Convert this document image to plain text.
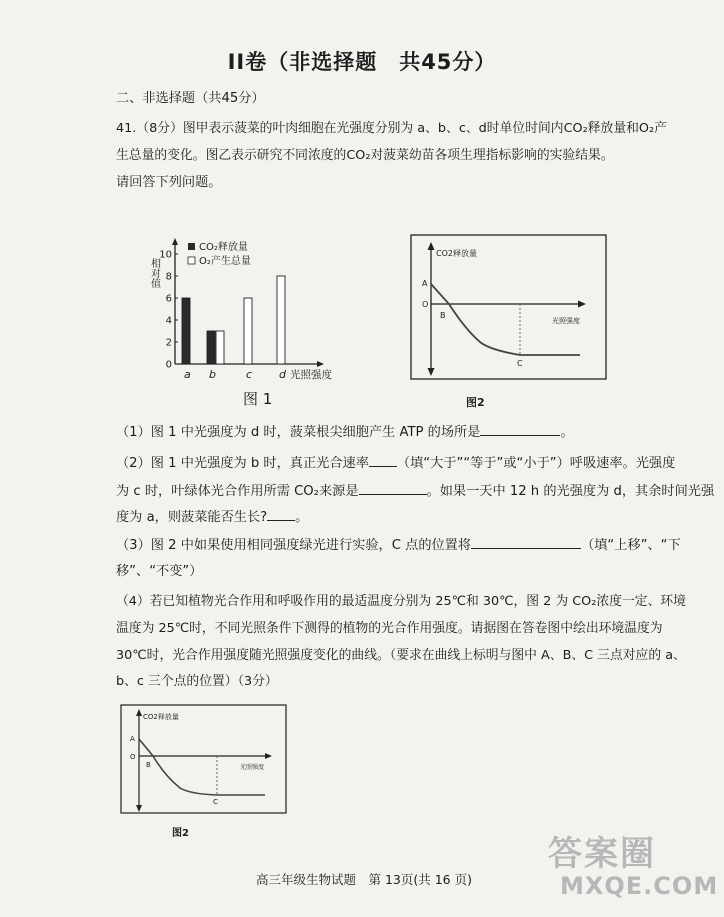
II卷（非选择题　共45分）
二、非选择题（共45分）
41.（8分）图甲表示菠菜的叶肉细胞在光强度分别为 a、b、c、d时单位时间内CO₂释放量和O₂产
生总量的变化。图乙表示研究不同浓度的CO₂对菠菜幼苗各项生理指标影响的实验结果。
请回答下列问题。
10
8
6
4
2
0
a b	c d
相对值
光照强度
CO₂释放量
O₂产生总量
图 1
CO2释放量
光照强度
A
O
B
C
图2
（1）图 1 中光强度为 d 时，菠菜根尖细胞产生 ATP 的场所是	。
（2）图 1 中光强度为 b 时，真正光合速率 （填“大于”“等于”或“小于”）呼吸速率。光强度
为 c 时，叶绿体光合作用所需 CO₂来源是	。如果一天中 12 h 的光强度为 d，其余时间光强
度为 a，则菠菜能否生长? 。
（3）图 2 中如果使用相同强度绿光进行实验，C 点的位置将	（填“上移”、“下
移”、“不变”）
（4）若已知植物光合作用和呼吸作用的最适温度分别为 25℃和 30℃，图 2 为 CO₂浓度一定、环境
温度为 25℃时，不同光照条件下测得的植物的光合作用强度。请据图在答卷图中绘出环境温度为
30℃时，光合作用强度随光照强度变化的曲线。（要求在曲线上标明与图中 A、B、C 三点对应的 a、
b、c 三个点的位置）（3分）
CO2释放量
光照强度
A
O
B
C
图2
高三年级生物试题　第 13页(共 16 页)
答案圈
MXQE.COM
